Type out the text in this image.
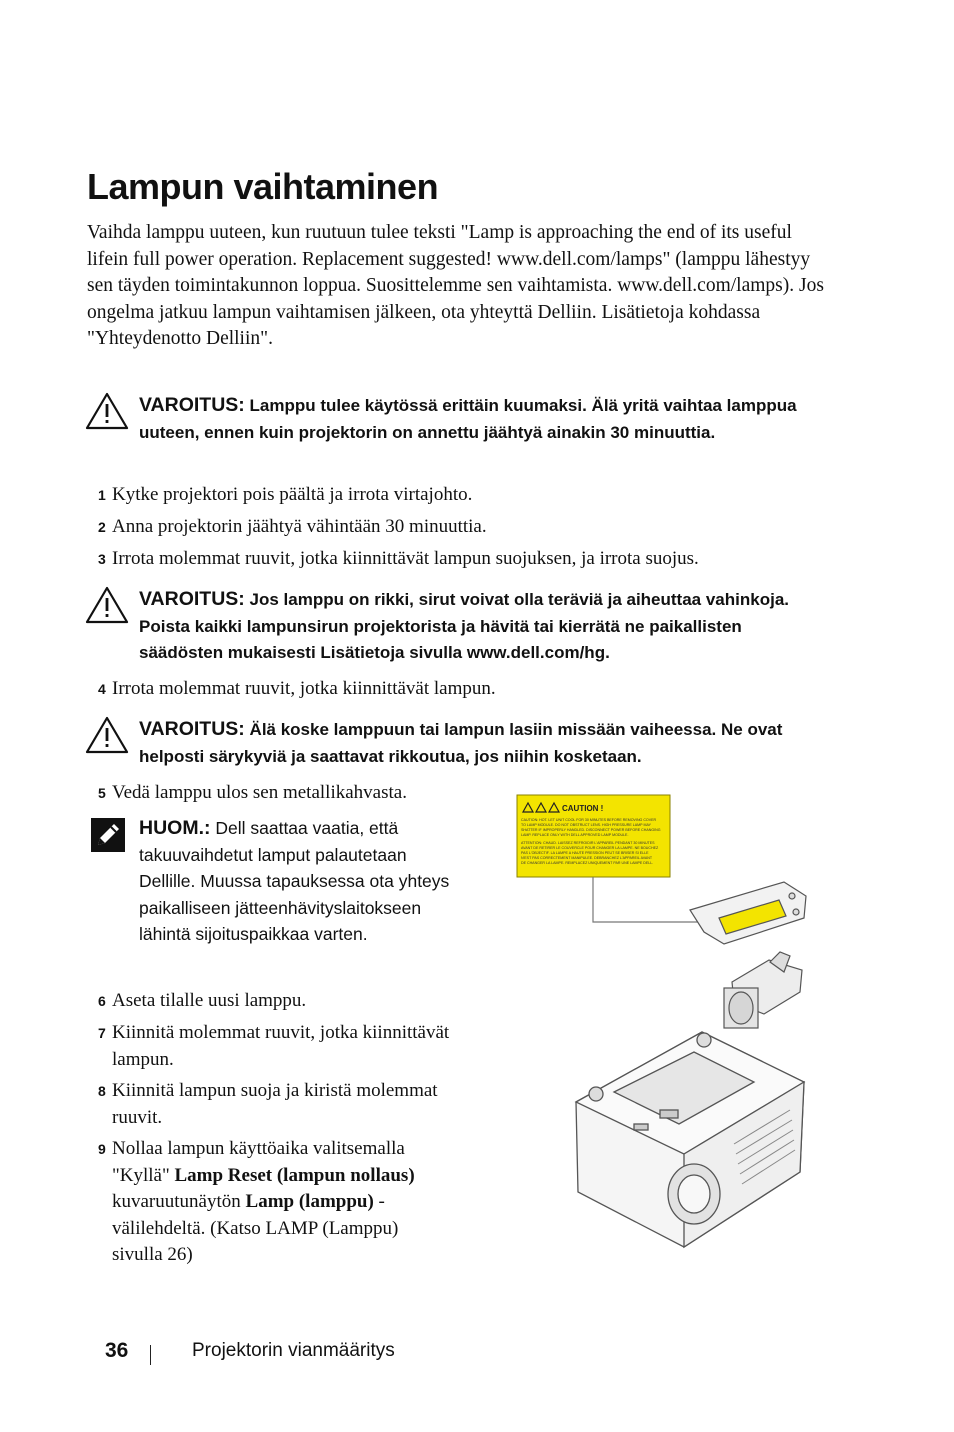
Lampun vaihtaminen

Vaihda lamppu uuteen, kun ruutuun tulee teksti "Lamp is approaching the end of its useful lifein full power operation. Replacement suggested! www.dell.com/lamps" (lamppu lähestyy sen täyden toimintakunnon loppua. Suosittelemme sen vaihtamista. www.dell.com/lamps). Jos ongelma jatkuu lampun vaihtamisen jälkeen, ota yhteyttä Delliin. Lisätietoja kohdassa "Yhteydenotto Delliin".

VAROITUS: Lamppu tulee käytössä erittäin kuumaksi. Älä yritä vaihtaa lamppua uuteen, ennen kuin projektorin on annettu jäähtyä ainakin 30 minuuttia.
1 Kytke projektori pois päältä ja irrota virtajohto.
2 Anna projektorin jäähtyä vähintään 30 minuuttia.
3 Irrota molemmat ruuvit, jotka kiinnittävät lampun suojuksen, ja irrota suojus.
VAROITUS: Jos lamppu on rikki, sirut voivat olla teräviä ja aiheuttaa vahinkoja. Poista kaikki lampunsirun projektorista ja hävitä tai kierrätä ne paikallisten säädösten mukaisesti Lisätietoja sivulla www.dell.com/hg.
4 Irrota molemmat ruuvit, jotka kiinnittävät lampun.
VAROITUS: Älä koske lamppuun tai lampun lasiin missään vaiheessa. Ne ovat helposti särykyviä ja saattavat rikkoutua, jos niihin kosketaan.
5 Vedä lamppu ulos sen metallikahvasta.
HUOM.: Dell saattaa vaatia, että takuuvaihdetut lamput palautetaan Dellille. Muussa tapauksessa ota yhteys paikalliseen jätteenhävityslaitokseen lähintä sijoituspaikkaa varten.
6 Aseta tilalle uusi lamppu.
7 Kiinnitä molemmat ruuvit, jotka kiinnittävät lampun.
8 Kiinnitä lampun suoja ja kiristä molemmat ruuvit.
9 Nollaa lampun käyttöaika valitsemalla "Kyllä" Lamp Reset (lampun nollaus) kuvaruutunäytön Lamp (lamppu) -välilehdeltä. (Katso LAMP (Lamppu) sivulla 26)
CAUTION !
CAUTION: HOT. LET UNIT COOL FOR 30 MINUTES BEFORE REMOVING COVER
TO LAMP MODULE. DO NOT OBSTRUCT LENS. HIGH PRESSURE LAMP MAY
SHATTER IF IMPROPERLY HANDLED. DISCONNECT POWER BEFORE CHANGING
LAMP. REPLACE ONLY WITH DELL APPROVED LAMP MODULE.
ATTENTION: CHAUD. LAISSEZ REFROIDIR L'APPAREIL PENDANT 30 MINUTES
AVANT DE RETIRER LE COUVERCLE POUR CHANGER LA LAMPE. NE BOUCHEZ
PAS L'OBJECTIF. LA LAMPE A HAUTE PRESSION PEUT SE BRISER SI ELLE
N'EST PAS CORRECTEMENT MANIPULEE. DEBRANCHEZ L'APPAREIL AVANT
DE CHANGER LA LAMPE. REMPLACEZ UNIQUEMENT PAR UNE LAMPE DELL.
36	Projektorin vianmääritys
